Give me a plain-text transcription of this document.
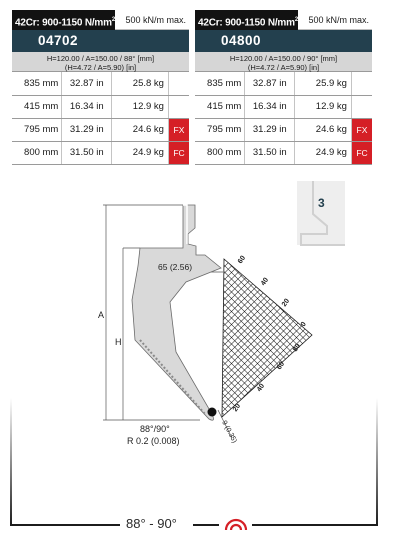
3
A
H
60
40
20
0
80
60
40
20
65 (2.56)
88°/90°
R 0.2 (0.008)	9 (0.35)
88° - 90°
42Cr: 900-1150 $N/mm^2$	500 kN/m max.
04702
H=120.00 / A=150.00 / 88° [mm]
(H=4.72 / A=5.90) [in]
835 mm	32.87 in	25.8 kg	
415 mm	16.34 in	12.9 kg	
795 mm	31.29 in	24.6 kg	FX
800 mm	31.50 in	24.9 kg	FC
42Cr: 900-1150 $N/mm^2$	500 kN/m max.
04800
H=120.00 / A=150.00 / 90° [mm]
(H=4.72 / A=5.90) [in]
835 mm	32.87 in	25.9 kg	
415 mm	16.34 in	12.9 kg	
795 mm	31.29 in	24.6 kg	FX
800 mm	31.50 in	24.9 kg	FC
